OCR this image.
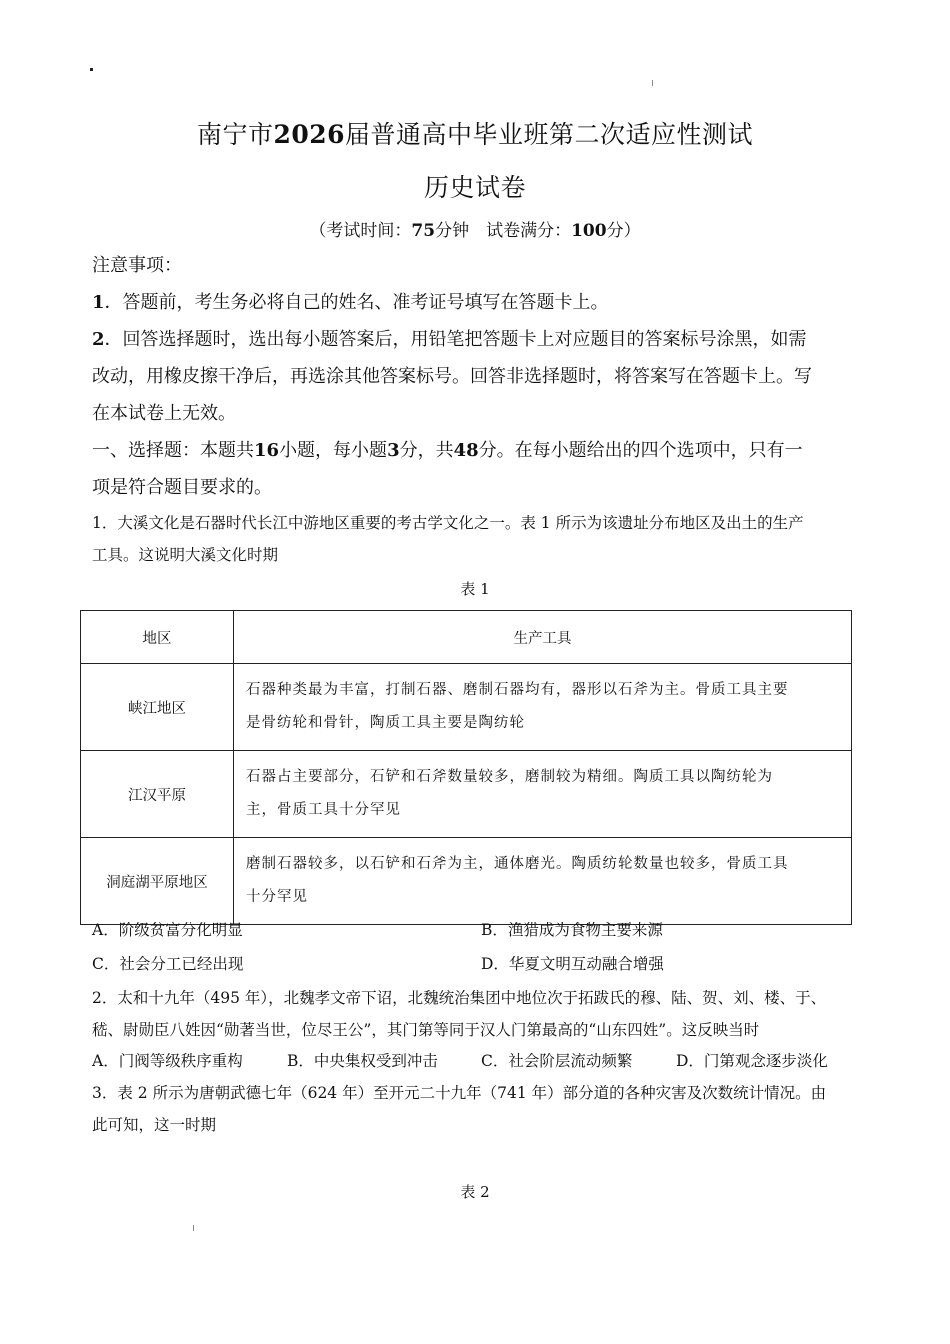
南宁市2026届普通高中毕业班第二次适应性测试
历史试卷
（考试时间：75分钟　试卷满分：100分）
注意事项：
1．答题前，考生务必将自己的姓名、准考证号填写在答题卡上。
2．回答选择题时，选出每小题答案后，用铅笔把答题卡上对应题目的答案标号涂黑，如需
改动，用橡皮擦干净后，再选涂其他答案标号。回答非选择题时，将答案写在答题卡上。写
在本试卷上无效。
一、选择题：本题共16小题，每小题3分，共48分。在每小题给出的四个选项中，只有一
项是符合题目要求的。
1．大溪文化是石器时代长江中游地区重要的考古学文化之一。表 1 所示为该遗址分布地区及出土的生产
工具。这说明大溪文化时期
表 1
地区	生产工具
峡江地区	石器种类最为丰富，打制石器、磨制石器均有，器形以石斧为主。骨质工具主要
是骨纺轮和骨针，陶质工具主要是陶纺轮

江汉平原	石器占主要部分，石铲和石斧数量较多，磨制较为精细。陶质工具以陶纺轮为
主，骨质工具十分罕见

洞庭湖平原地区	磨制石器较多，以石铲和石斧为主，通体磨光。陶质纺轮数量也较多，骨质工具
十分罕见
A．阶级贫富分化明显	B．渔猎成为食物主要来源
C．社会分工已经出现	D．华夏文明互动融合增强
2．太和十九年（495 年），北魏孝文帝下诏，北魏统治集团中地位次于拓跋氏的穆、陆、贺、刘、楼、于、
嵇、尉勋臣八姓因“勋著当世，位尽王公”，其门第等同于汉人门第最高的“山东四姓”。这反映当时
A．门阀等级秩序重构	B．中央集权受到冲击	C．社会阶层流动频繁	D．门第观念逐步淡化
3．表 2 所示为唐朝武德七年（624 年）至开元二十九年（741 年）部分道的各种灾害及次数统计情况。由
此可知，这一时期
表 2
